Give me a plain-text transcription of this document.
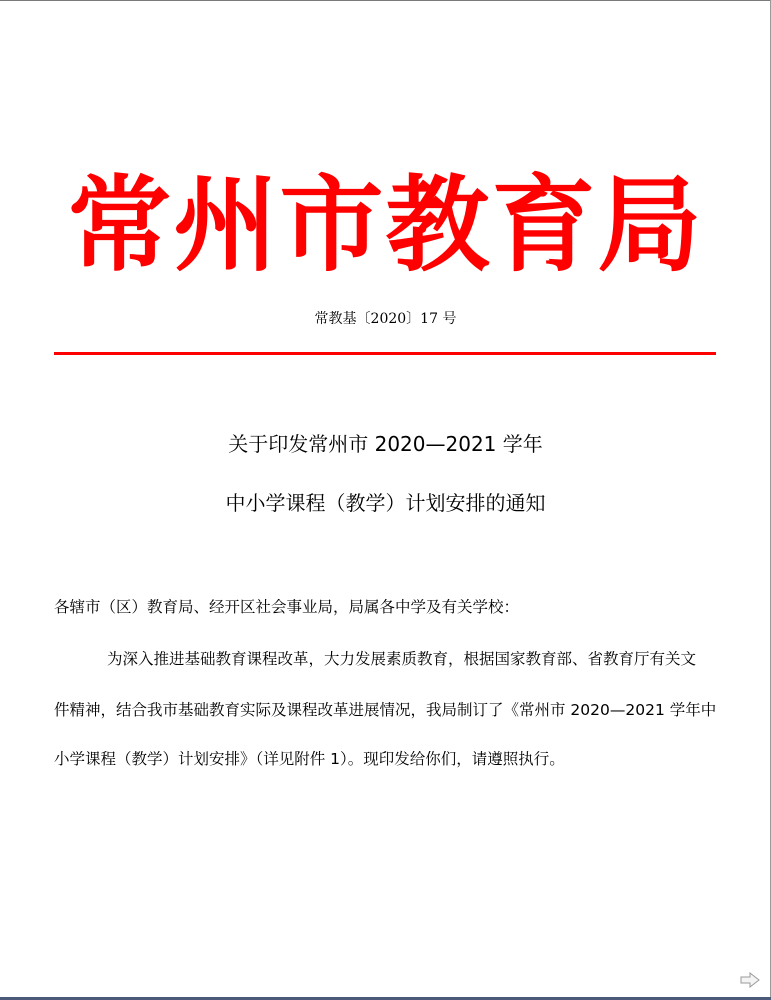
常州市教育局
常教基〔2020〕17 号
关于印发常州市 2020—2021 学年
中小学课程（教学）计划安排的通知
各辖市（区）教育局、经开区社会事业局，局属各中学及有关学校：
为深入推进基础教育课程改革，大力发展素质教育，根据国家教育部、省教育厅有关文
件精神，结合我市基础教育实际及课程改革进展情况，我局制订了《常州市 2020—2021 学年中
小学课程（教学）计划安排》（详见附件 1）。现印发给你们，请遵照执行。
